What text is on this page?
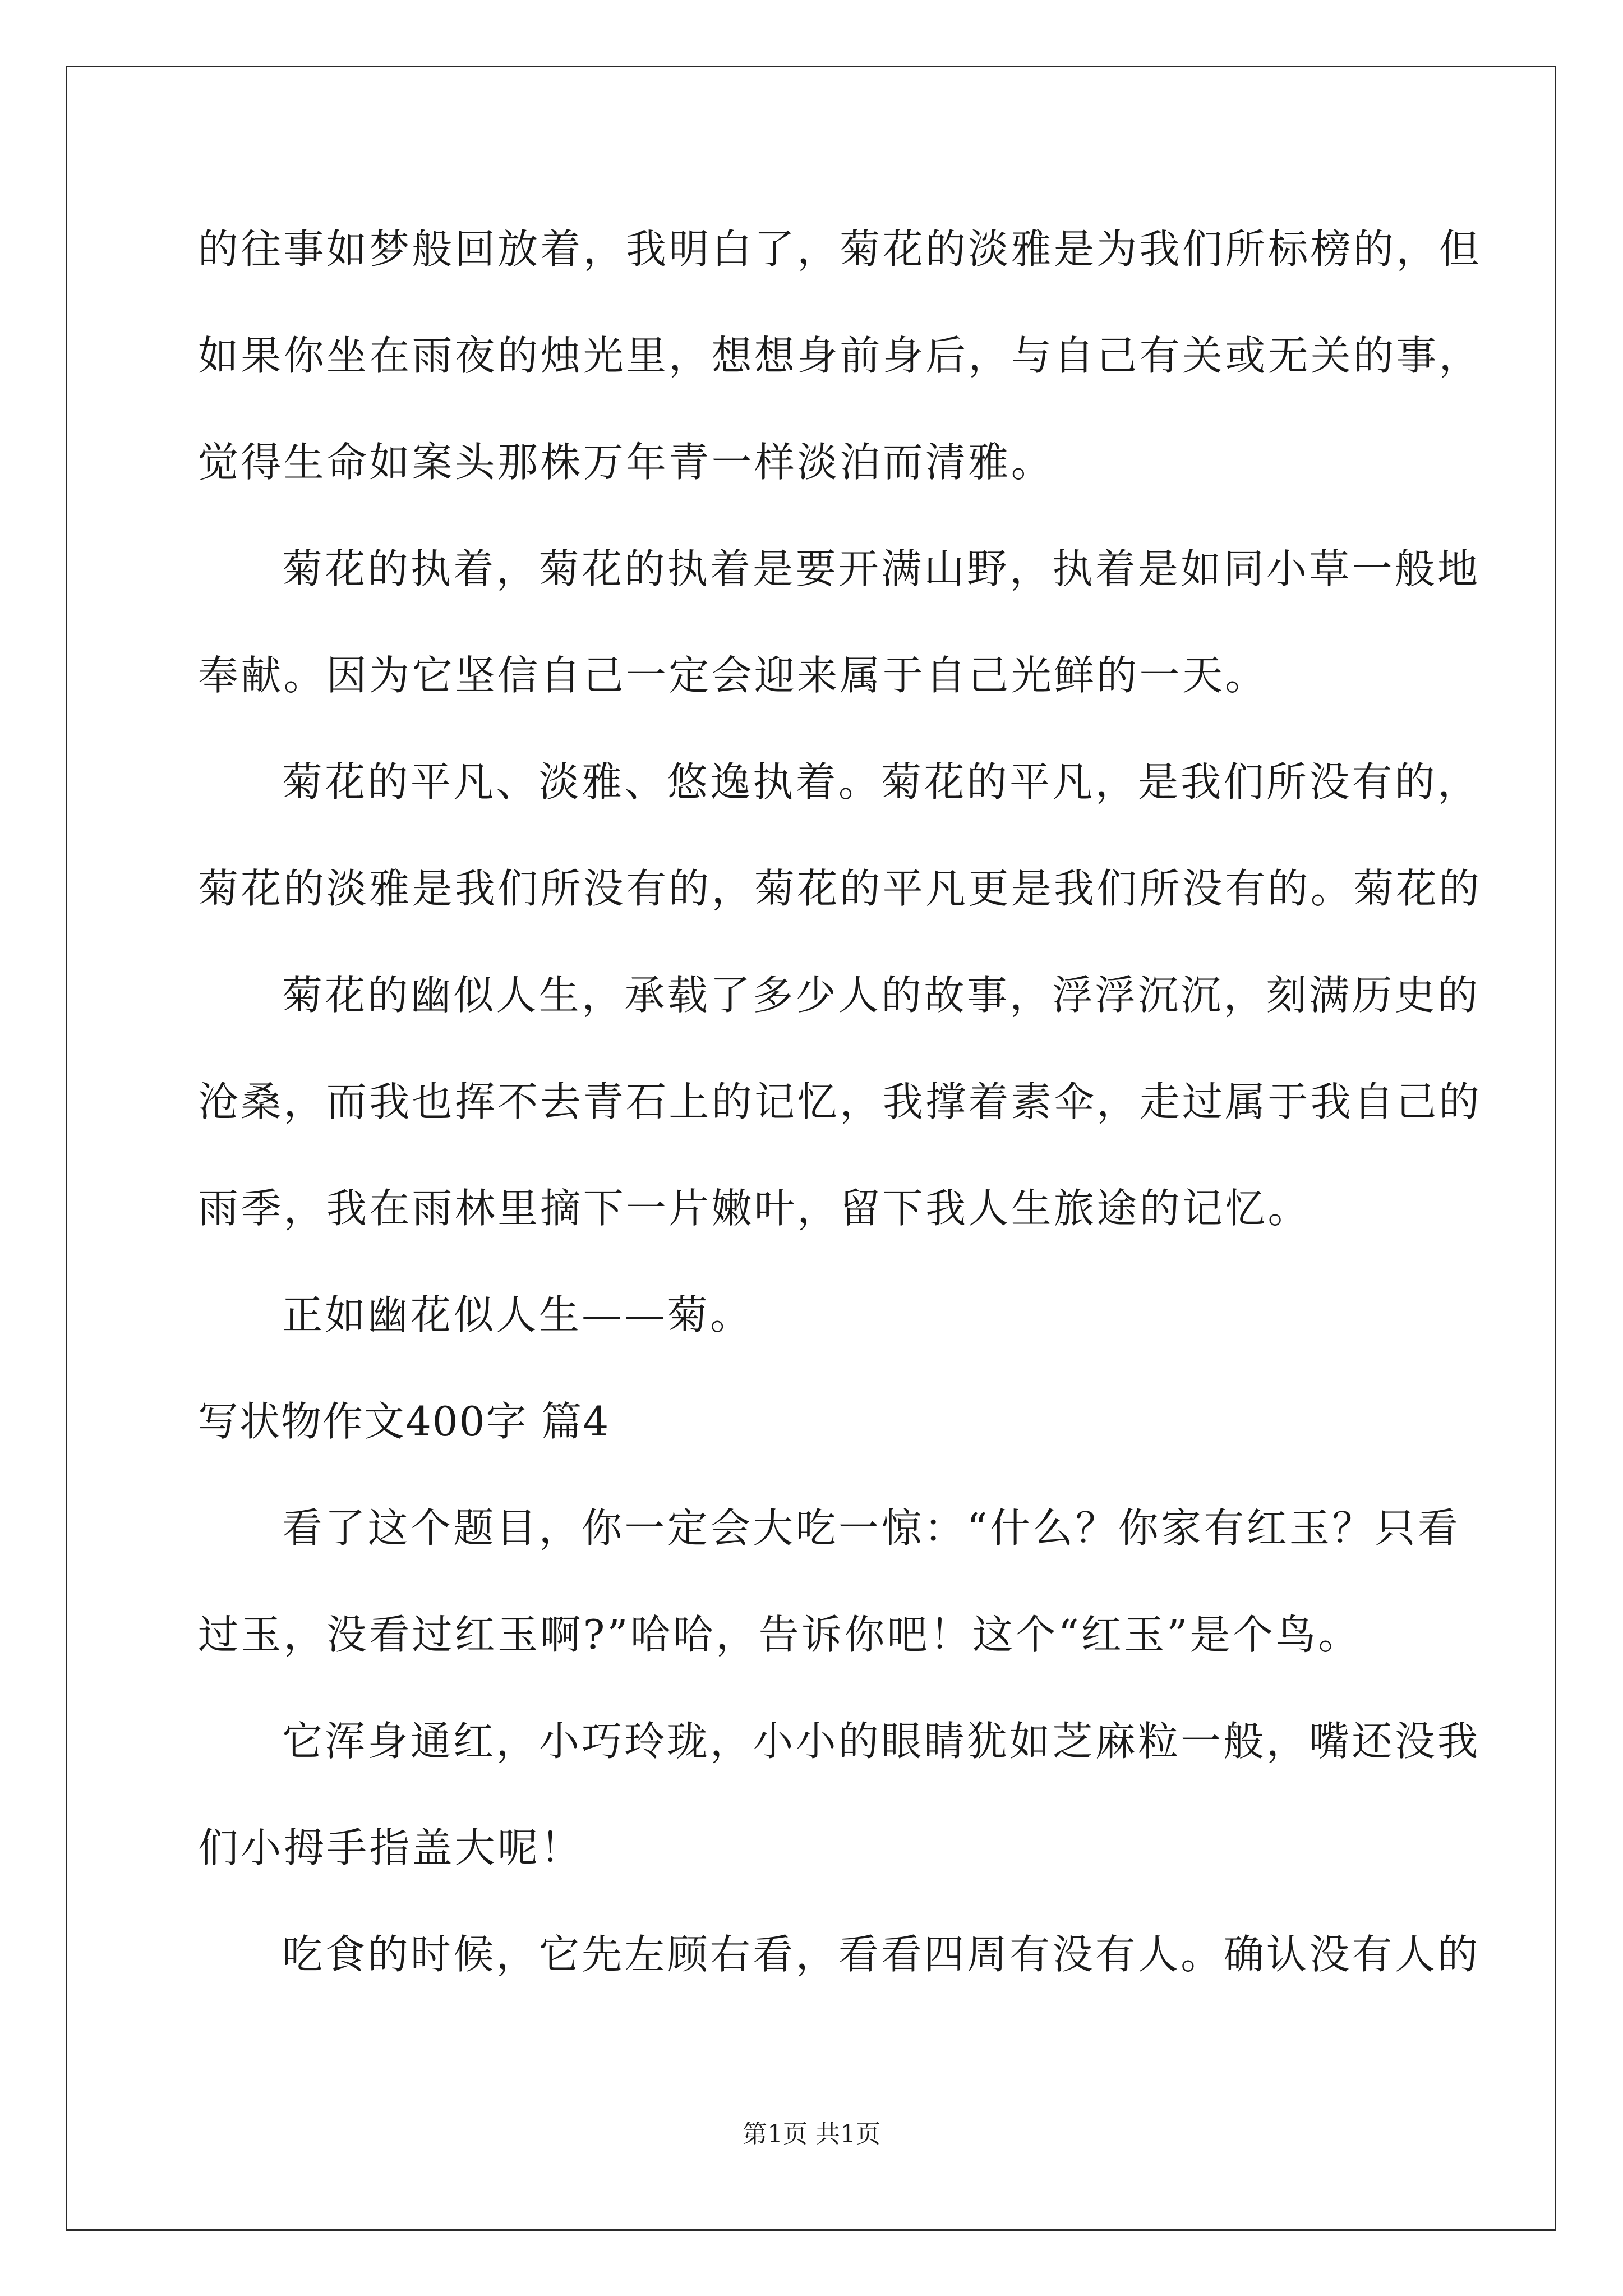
的往事如梦般回放着，我明白了，菊花的淡雅是为我们所标榜的，但
如果你坐在雨夜的烛光里，想想身前身后，与自己有关或无关的事，
觉得生命如案头那株万年青一样淡泊而清雅。
菊花的执着，菊花的执着是要开满山野，执着是如同小草一般地
奉献。因为它坚信自己一定会迎来属于自己光鲜的一天。
菊花的平凡、淡雅、悠逸执着。菊花的平凡，是我们所没有的，
菊花的淡雅是我们所没有的，菊花的平凡更是我们所没有的。菊花的
菊花的幽似人生，承载了多少人的故事，浮浮沉沉，刻满历史的
沧桑，而我也挥不去青石上的记忆，我撑着素伞，走过属于我自己的
雨季，我在雨林里摘下一片嫩叶，留下我人生旅途的记忆。
正如幽花似人生——菊。
写状物作文400字 篇4
看了这个题目，你一定会大吃一惊：“什么？你家有红玉？只看
过玉，没看过红玉啊?”哈哈，告诉你吧！这个“红玉”是个鸟。
它浑身通红，小巧玲珑，小小的眼睛犹如芝麻粒一般，嘴还没我
们小拇手指盖大呢！
吃食的时候，它先左顾右看，看看四周有没有人。确认没有人的
第1页 共1页
